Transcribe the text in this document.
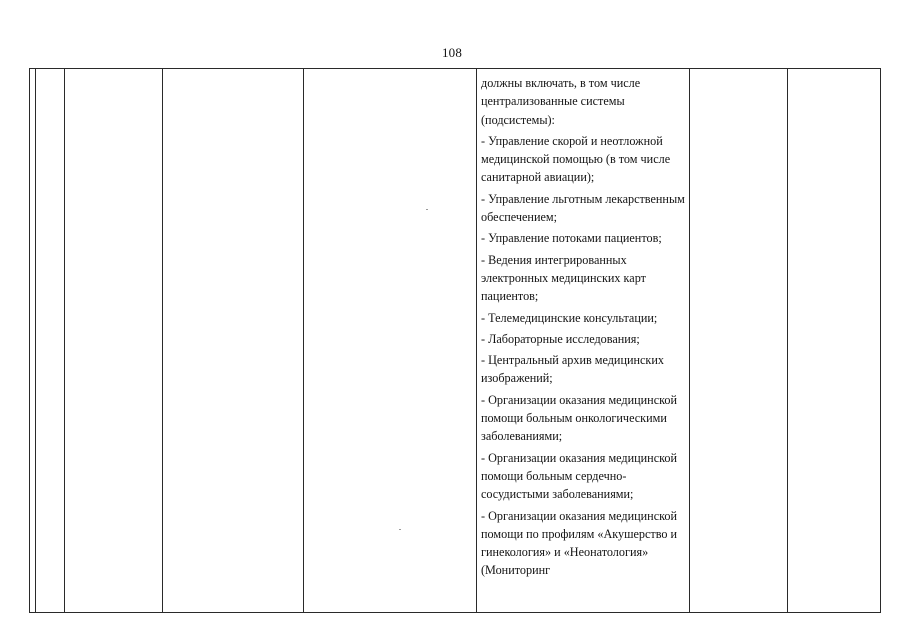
108

должны включать, в том числе централизованные системы (подсистемы):

- Управление скорой и неотложной медицинской помощью (в том числе санитарной авиации);

- Управление льготным лекарственным обеспечением;

- Управление потоками пациентов;

- Ведения интегрированных электронных медицинских карт пациентов;

- Телемедицинские консультации;

- Лабораторные исследования;

- Центральный архив медицинских изображений;

- Организации оказания медицинской помощи больным онкологическими заболеваниями;

- Организации оказания медицинской помощи больным сердечно-сосудистыми заболеваниями;

- Организации оказания медицинской помощи по профилям «Акушерство и гинекология» и «Неонатология» (Мониторинг
